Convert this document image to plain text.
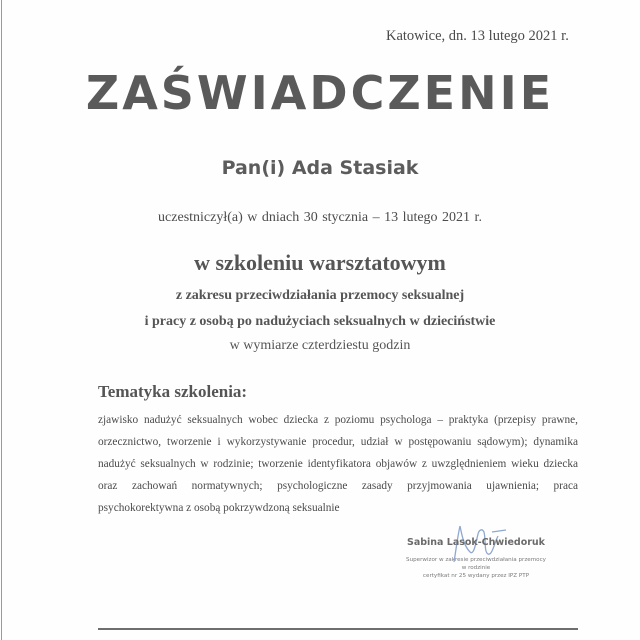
Katowice, dn. 13 lutego 2021 r.
ZAŚWIADCZENIE
Pan(i) Ada Stasiak
uczestniczył(a) w dniach 30 stycznia – 13 lutego 2021 r.
w szkoleniu warsztatowym
z zakresu przeciwdziałania przemocy seksualnej
i pracy z osobą po nadużyciach seksualnych w dzieciństwie
w wymiarze czterdziestu godzin
Tematyka szkolenia:
zjawisko nadużyć seksualnych wobec dziecka z poziomu psychologa – praktyka (przepisy prawne, orzecznictwo, tworzenie i wykorzystywanie procedur, udział w postępowaniu sądowym); dynamika nadużyć seksualnych w rodzinie; tworzenie identyfikatora objawów z uwzględnieniem wieku dziecka oraz zachowań normatywnych; psychologiczne zasady przyjmowania ujawnienia; praca psychokorektywna z osobą pokrzywdzoną seksualnie
Sabina Lasok-Chwiedoruk
Superwizor w zakresie przeciwdziałania przemocy
w rodzinie
certyfikat nr 25 wydany przez IPZ PTP
